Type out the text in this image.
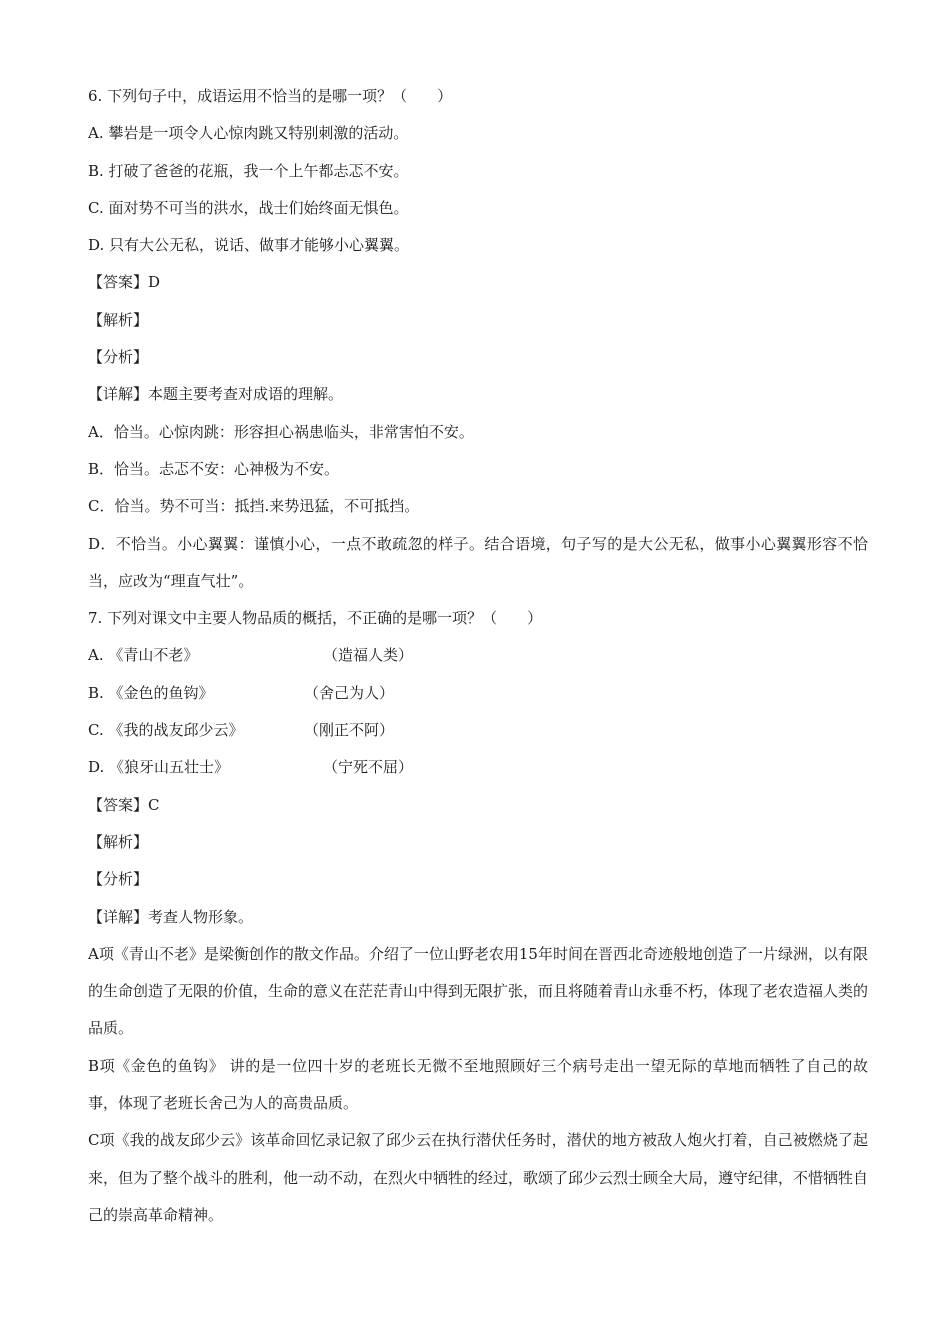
6. 下列句子中，成语运用不恰当的是哪一项？（　　）
A. 攀岩是一项令人心惊肉跳又特别刺激的活动。
B. 打破了爸爸的花瓶，我一个上午都忐忑不安。
C. 面对势不可当的洪水，战士们始终面无惧色。
D. 只有大公无私，说话、做事才能够小心翼翼。
【答案】D
【解析】
【分析】
【详解】本题主要考查对成语的理解。
A．恰当。心惊肉跳：形容担心祸患临头，非常害怕不安。
B．恰当。忐忑不安：心神极为不安。
C．恰当。势不可当：抵挡.来势迅猛，不可抵挡。
D．不恰当。小心翼翼：谨慎小心，一点不敢疏忽的样子。结合语境，句子写的是大公无私，做事小心翼翼形容不恰当，应改为“理直气壮”。
7. 下列对课文中主要人物品质的概括，不正确的是哪一项？（　　）
A. 《青山不老》	（造福人类）
B. 《金色的鱼钩》	（舍己为人）
C. 《我的战友邱少云》	（刚正不阿）
D. 《狼牙山五壮士》	（宁死不屈）
【答案】C
【解析】
【分析】
【详解】考查人物形象。
A项《青山不老》是梁衡创作的散文作品。介绍了一位山野老农用15年时间在晋西北奇迹般地创造了一片绿洲，以有限的生命创造了无限的价值，生命的意义在茫茫青山中得到无限扩张，而且将随着青山永垂不朽，体现了老农造福人类的品质。
B项《金色的鱼钩》 讲的是一位四十岁的老班长无微不至地照顾好三个病号走出一望无际的草地而牺牲了自己的故事，体现了老班长舍己为人的高贵品质。
C项《我的战友邱少云》该革命回忆录记叙了邱少云在执行潜伏任务时，潜伏的地方被敌人炮火打着，自己被燃烧了起来，但为了整个战斗的胜利，他一动不动，在烈火中牺牲的经过，歌颂了邱少云烈士顾全大局，遵守纪律，不惜牺牲自己的崇高革命精神。
